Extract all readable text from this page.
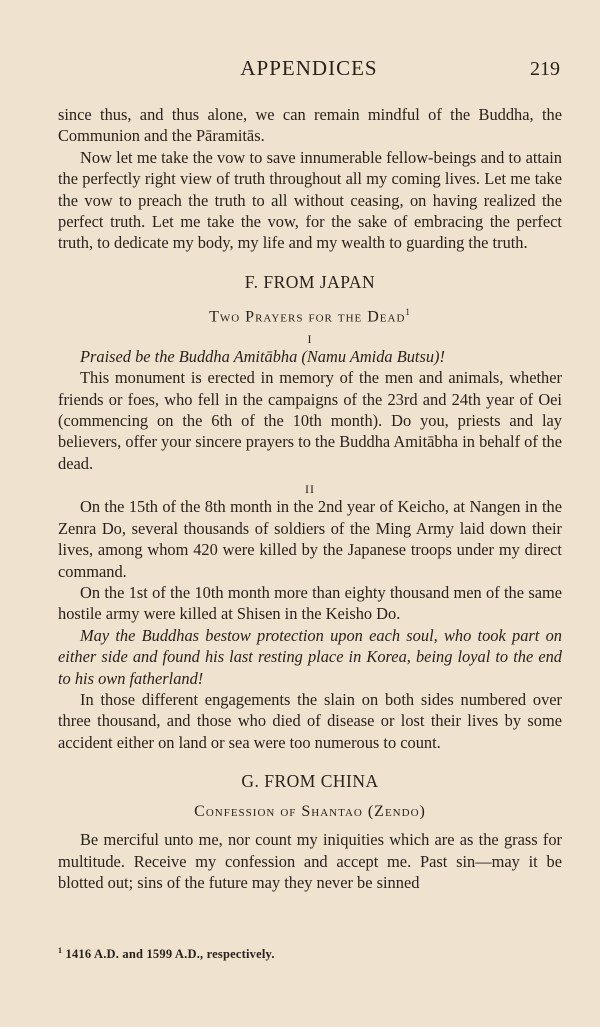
APPENDICES	219

since thus, and thus alone, we can remain mindful of the Buddha, the Communion and the Pāramitās.

Now let me take the vow to save innumerable fellow-beings and to attain the perfectly right view of truth throughout all my coming lives. Let me take the vow to preach the truth to all without ceasing, on having realized the perfect truth. Let me take the vow, for the sake of embracing the perfect truth, to dedicate my body, my life and my wealth to guarding the truth.

F. FROM JAPAN
Two Prayers for the Dead$^1$
I

Praised be the Buddha Amitābha (Namu Amida Butsu)!

This monument is erected in memory of the men and animals, whether friends or foes, who fell in the campaigns of the 23rd and 24th year of Oei (commencing on the 6th of the 10th month). Do you, priests and lay believers, offer your sincere prayers to the Buddha Amitābha in behalf of the dead.

II

On the 15th of the 8th month in the 2nd year of Keicho, at Nangen in the Zenra Do, several thousands of soldiers of the Ming Army laid down their lives, among whom 420 were killed by the Japanese troops under my direct command.

On the 1st of the 10th month more than eighty thousand men of the same hostile army were killed at Shisen in the Keisho Do.

May the Buddhas bestow protection upon each soul, who took part on either side and found his last resting place in Korea, being loyal to the end to his own fatherland!

In those different engagements the slain on both sides numbered over three thousand, and those who died of disease or lost their lives by some accident either on land or sea were too numerous to count.

G. FROM CHINA
Confession of Shantao (Zendo)

Be merciful unto me, nor count my iniquities which are as the grass for multitude. Receive my confession and accept me. Past sin—may it be blotted out; sins of the future may they never be sinned

$^1$ 1416 A.D. and 1599 A.D., respectively.
